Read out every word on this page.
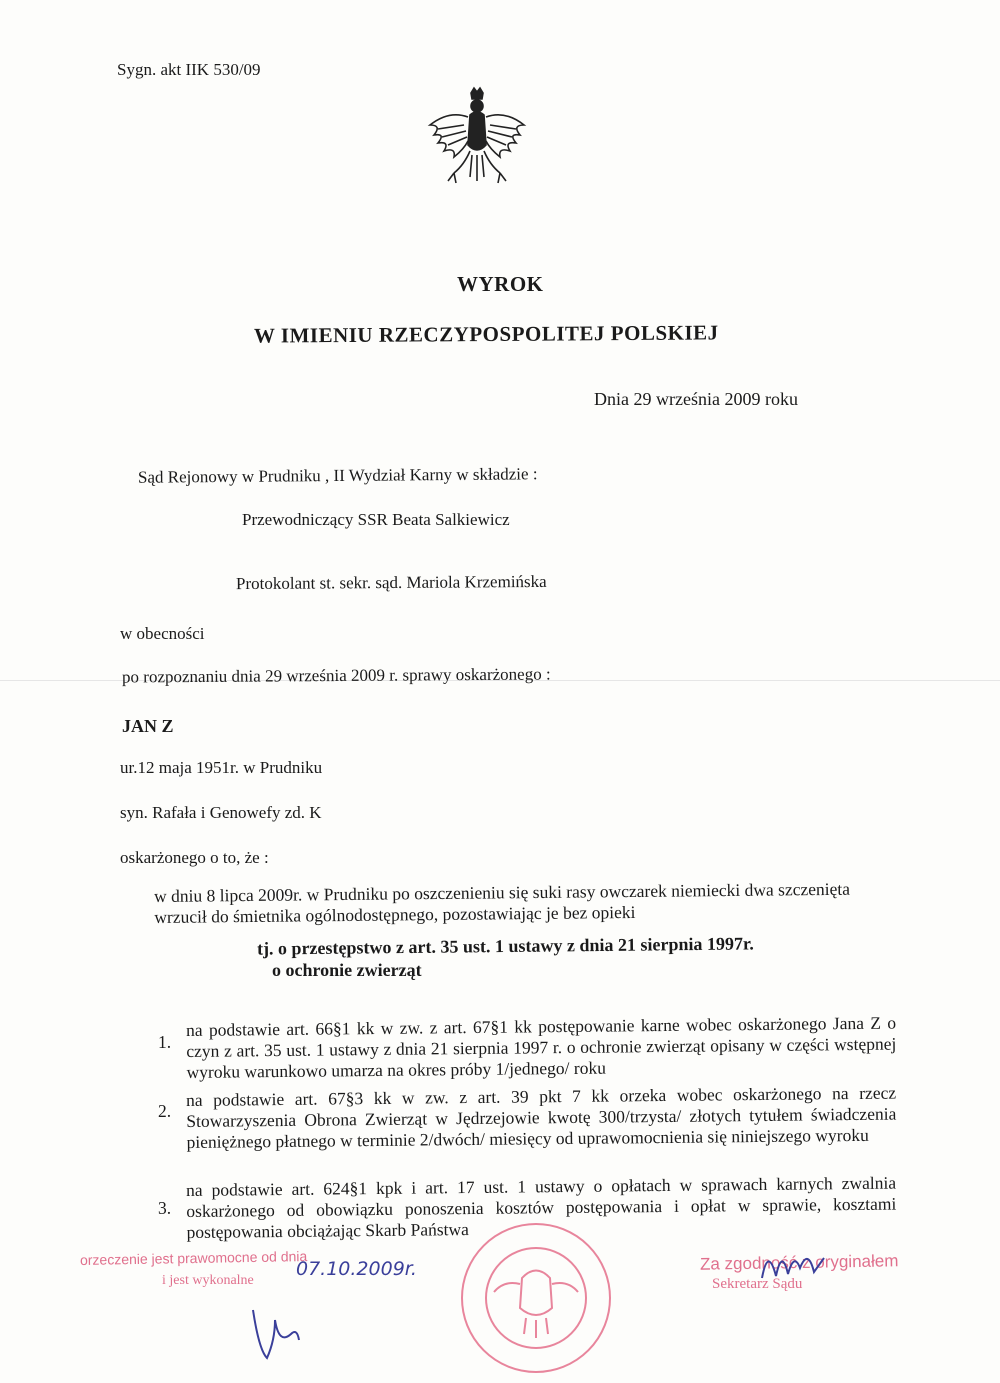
Sygn. akt IIK 530/09
WYROK
W IMIENIU RZECZYPOSPOLITEJ POLSKIEJ
Dnia 29 września 2009 roku
Sąd Rejonowy w Prudniku , II Wydział Karny w składzie :
Przewodniczący SSR Beata Salkiewicz
Protokolant st. sekr. sąd. Mariola Krzemińska
w obecności
po rozpoznaniu dnia 29 września 2009 r. sprawy oskarżonego :
JAN Z
ur.12 maja 1951r. w Prudniku
syn. Rafała i Genowefy zd. K
oskarżonego o to, że :
w dniu 8 lipca 2009r. w Prudniku po oszczenieniu się suki rasy owczarek niemiecki dwa szczenięta wrzucił do śmietnika ogólnodostępnego, pozostawiając je bez opieki
tj. o przestępstwo z art. 35 ust. 1 ustawy z dnia 21 sierpnia 1997r.
o ochronie zwierząt
1.
na podstawie art. 66§1 kk w zw. z art. 67§1 kk postępowanie karne wobec oskarżonego Jana Z o czyn z art. 35 ust. 1 ustawy z dnia 21 sierpnia 1997 r. o ochronie zwierząt opisany w części wstępnej wyroku warunkowo umarza na okres próby 1/jednego/ roku
2.
na podstawie art. 67§3 kk w zw. z art. 39 pkt 7 kk orzeka wobec oskarżonego na rzecz Stowarzyszenia Obrona Zwierząt w Jędrzejowie kwotę 300/trzysta/ złotych tytułem świadczenia pieniężnego płatnego w terminie 2/dwóch/ miesięcy od uprawomocnienia się niniejszego wyroku
3.
na podstawie art. 624§1 kpk i art. 17 ust. 1 ustawy o opłatach w sprawach karnych zwalnia oskarżonego od obowiązku ponoszenia kosztów postępowania i opłat w sprawie, kosztami postępowania obciążając Skarb Państwa
orzeczenie jest prawomocne od dnia
i jest wykonalne
07.10.2009r.	Za zgodność z oryginałem
Sekretarz Sądu
